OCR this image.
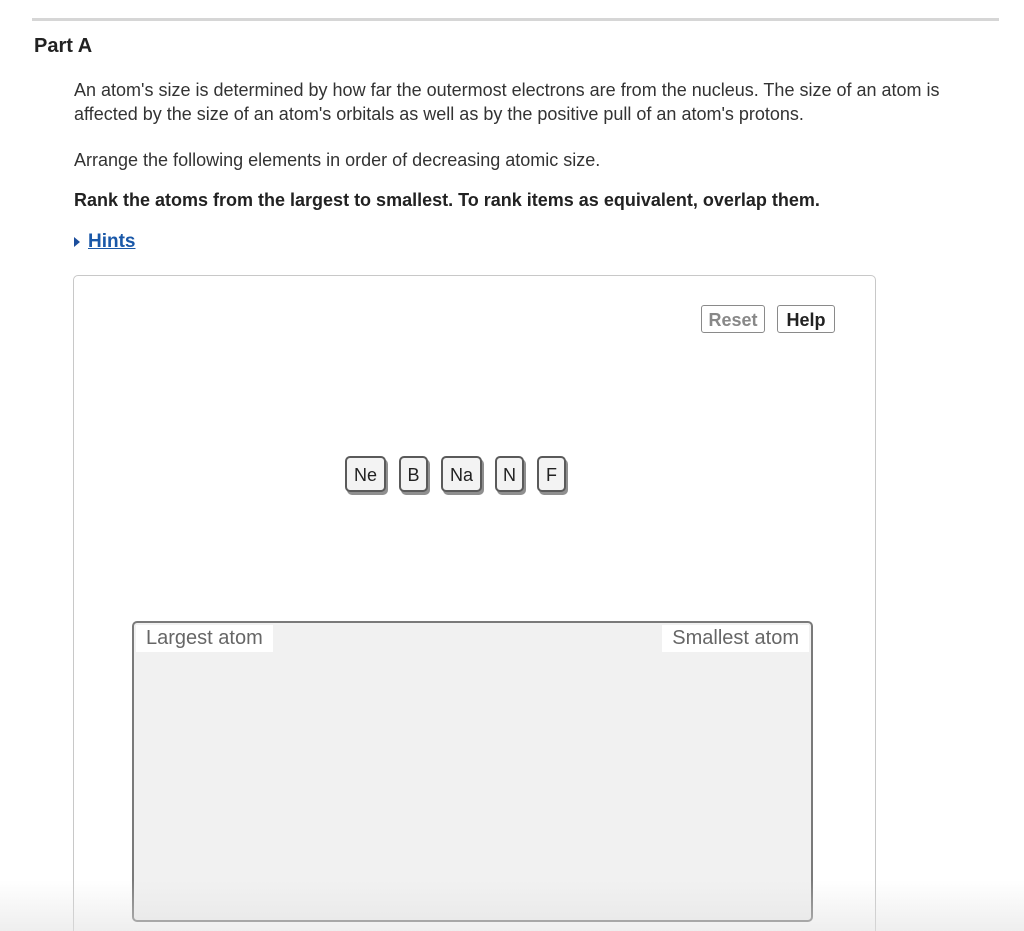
Part A

An atom's size is determined by how far the outermost electrons are from the nucleus. The size of an atom is affected by the size of an atom's orbitals as well as by the positive pull of an atom's protons.

Arrange the following elements in order of decreasing atomic size.

Rank the atoms from the largest to smallest. To rank items as equivalent, overlap them.

Hints
Reset	Help
Ne	B	Na	N	F
Largest atom	Smallest atom
